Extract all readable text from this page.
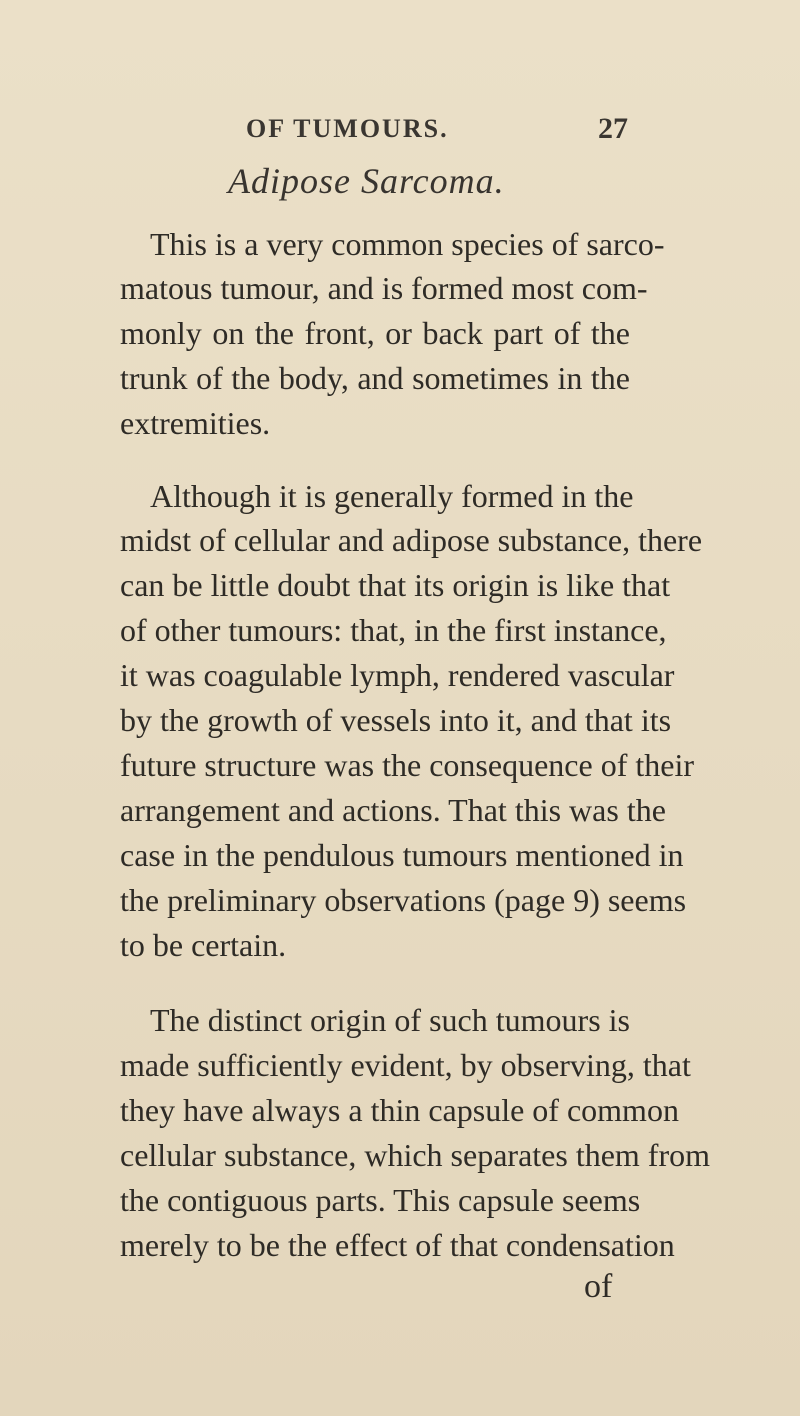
OF TUMOURS.	27
Adipose Sarcoma.
This is a very common species of sarco-
matous tumour, and is formed most com-
monly on the front, or back part of the
trunk of the body, and sometimes in the
extremities.
Although it is generally formed in the
midst of cellular and adipose substance, there
can be little doubt that its origin is like that
of other tumours: that, in the first instance,
it was coagulable lymph, rendered vascular
by the growth of vessels into it, and that its
future structure was the consequence of their
arrangement and actions. That this was the
case in the pendulous tumours mentioned in
the preliminary observations (page 9) seems
to be certain.
The distinct origin of such tumours is
made sufficiently evident, by observing, that
they have always a thin capsule of common
cellular substance, which separates them from
the contiguous parts. This capsule seems
merely to be the effect of that condensation
of
